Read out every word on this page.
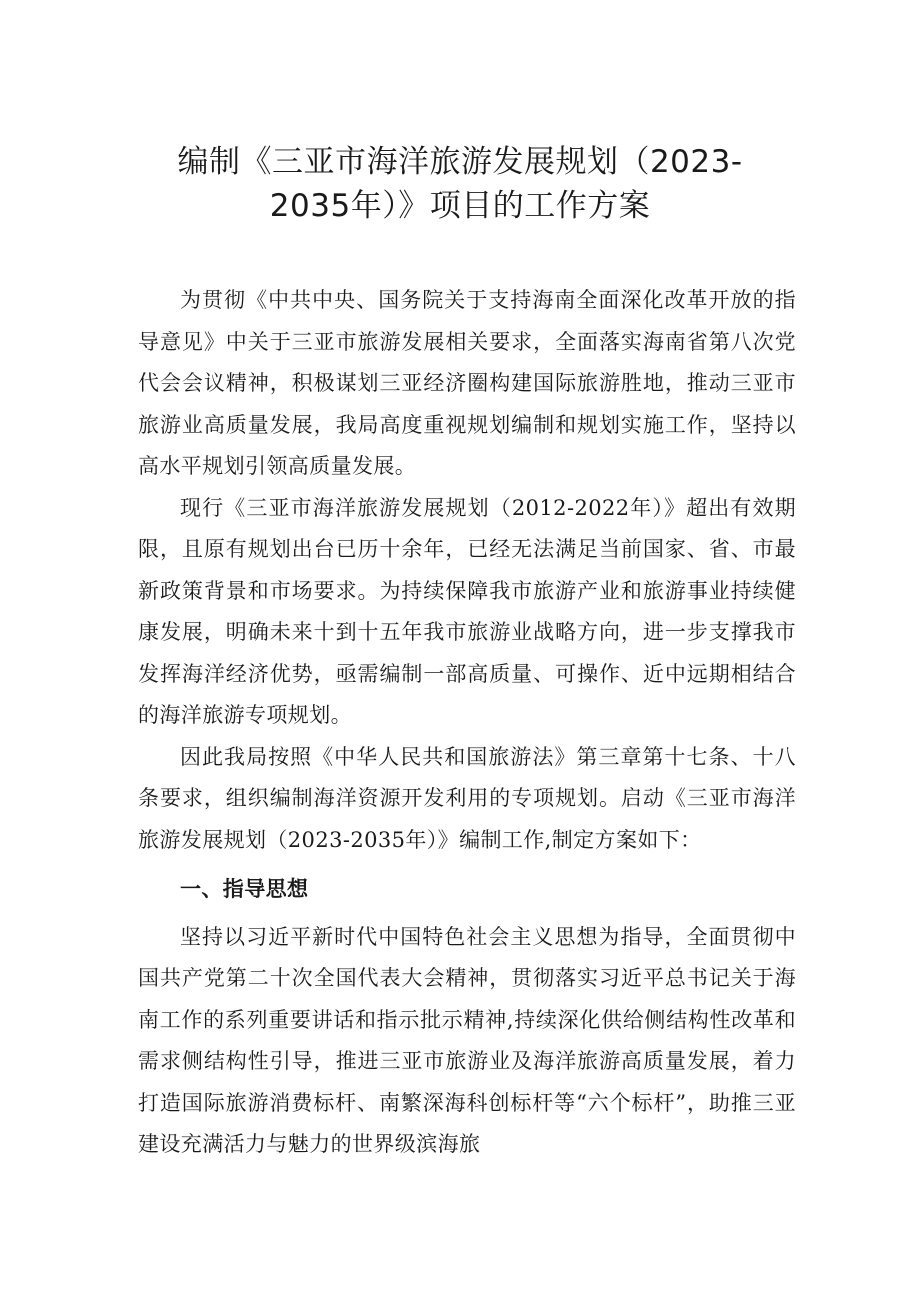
编制《三亚市海洋旅游发展规划（2023-
2035年）》项目的工作方案

为贯彻《中共中央、国务院关于支持海南全面深化改革开放的指导意见》中关于三亚市旅游发展相关要求，全面落实海南省第八次党代会会议精神，积极谋划三亚经济圈构建国际旅游胜地，推动三亚市旅游业高质量发展，我局高度重视规划编制和规划实施工作，坚持以高水平规划引领高质量发展。

现行《三亚市海洋旅游发展规划（2012-2022年）》超出有效期限，且原有规划出台已历十余年，已经无法满足当前国家、省、市最新政策背景和市场要求。为持续保障我市旅游产业和旅游事业持续健康发展，明确未来十到十五年我市旅游业战略方向，进一步支撑我市发挥海洋经济优势，亟需编制一部高质量、可操作、近中远期相结合的海洋旅游专项规划。

因此我局按照《中华人民共和国旅游法》第三章第十七条、十八条要求，组织编制海洋资源开发利用的专项规划。启动《三亚市海洋旅游发展规划（2023-2035年）》编制工作,制定方案如下：

一、指导思想

坚持以习近平新时代中国特色社会主义思想为指导，全面贯彻中国共产党第二十次全国代表大会精神，贯彻落实习近平总书记关于海南工作的系列重要讲话和指示批示精神,持续深化供给侧结构性改革和需求侧结构性引导，推进三亚市旅游业及海洋旅游高质量发展，着力打造国际旅游消费标杆、南繁深海科创标杆等“六个标杆”，助推三亚建设充满活力与魅力的世界级滨海旅
